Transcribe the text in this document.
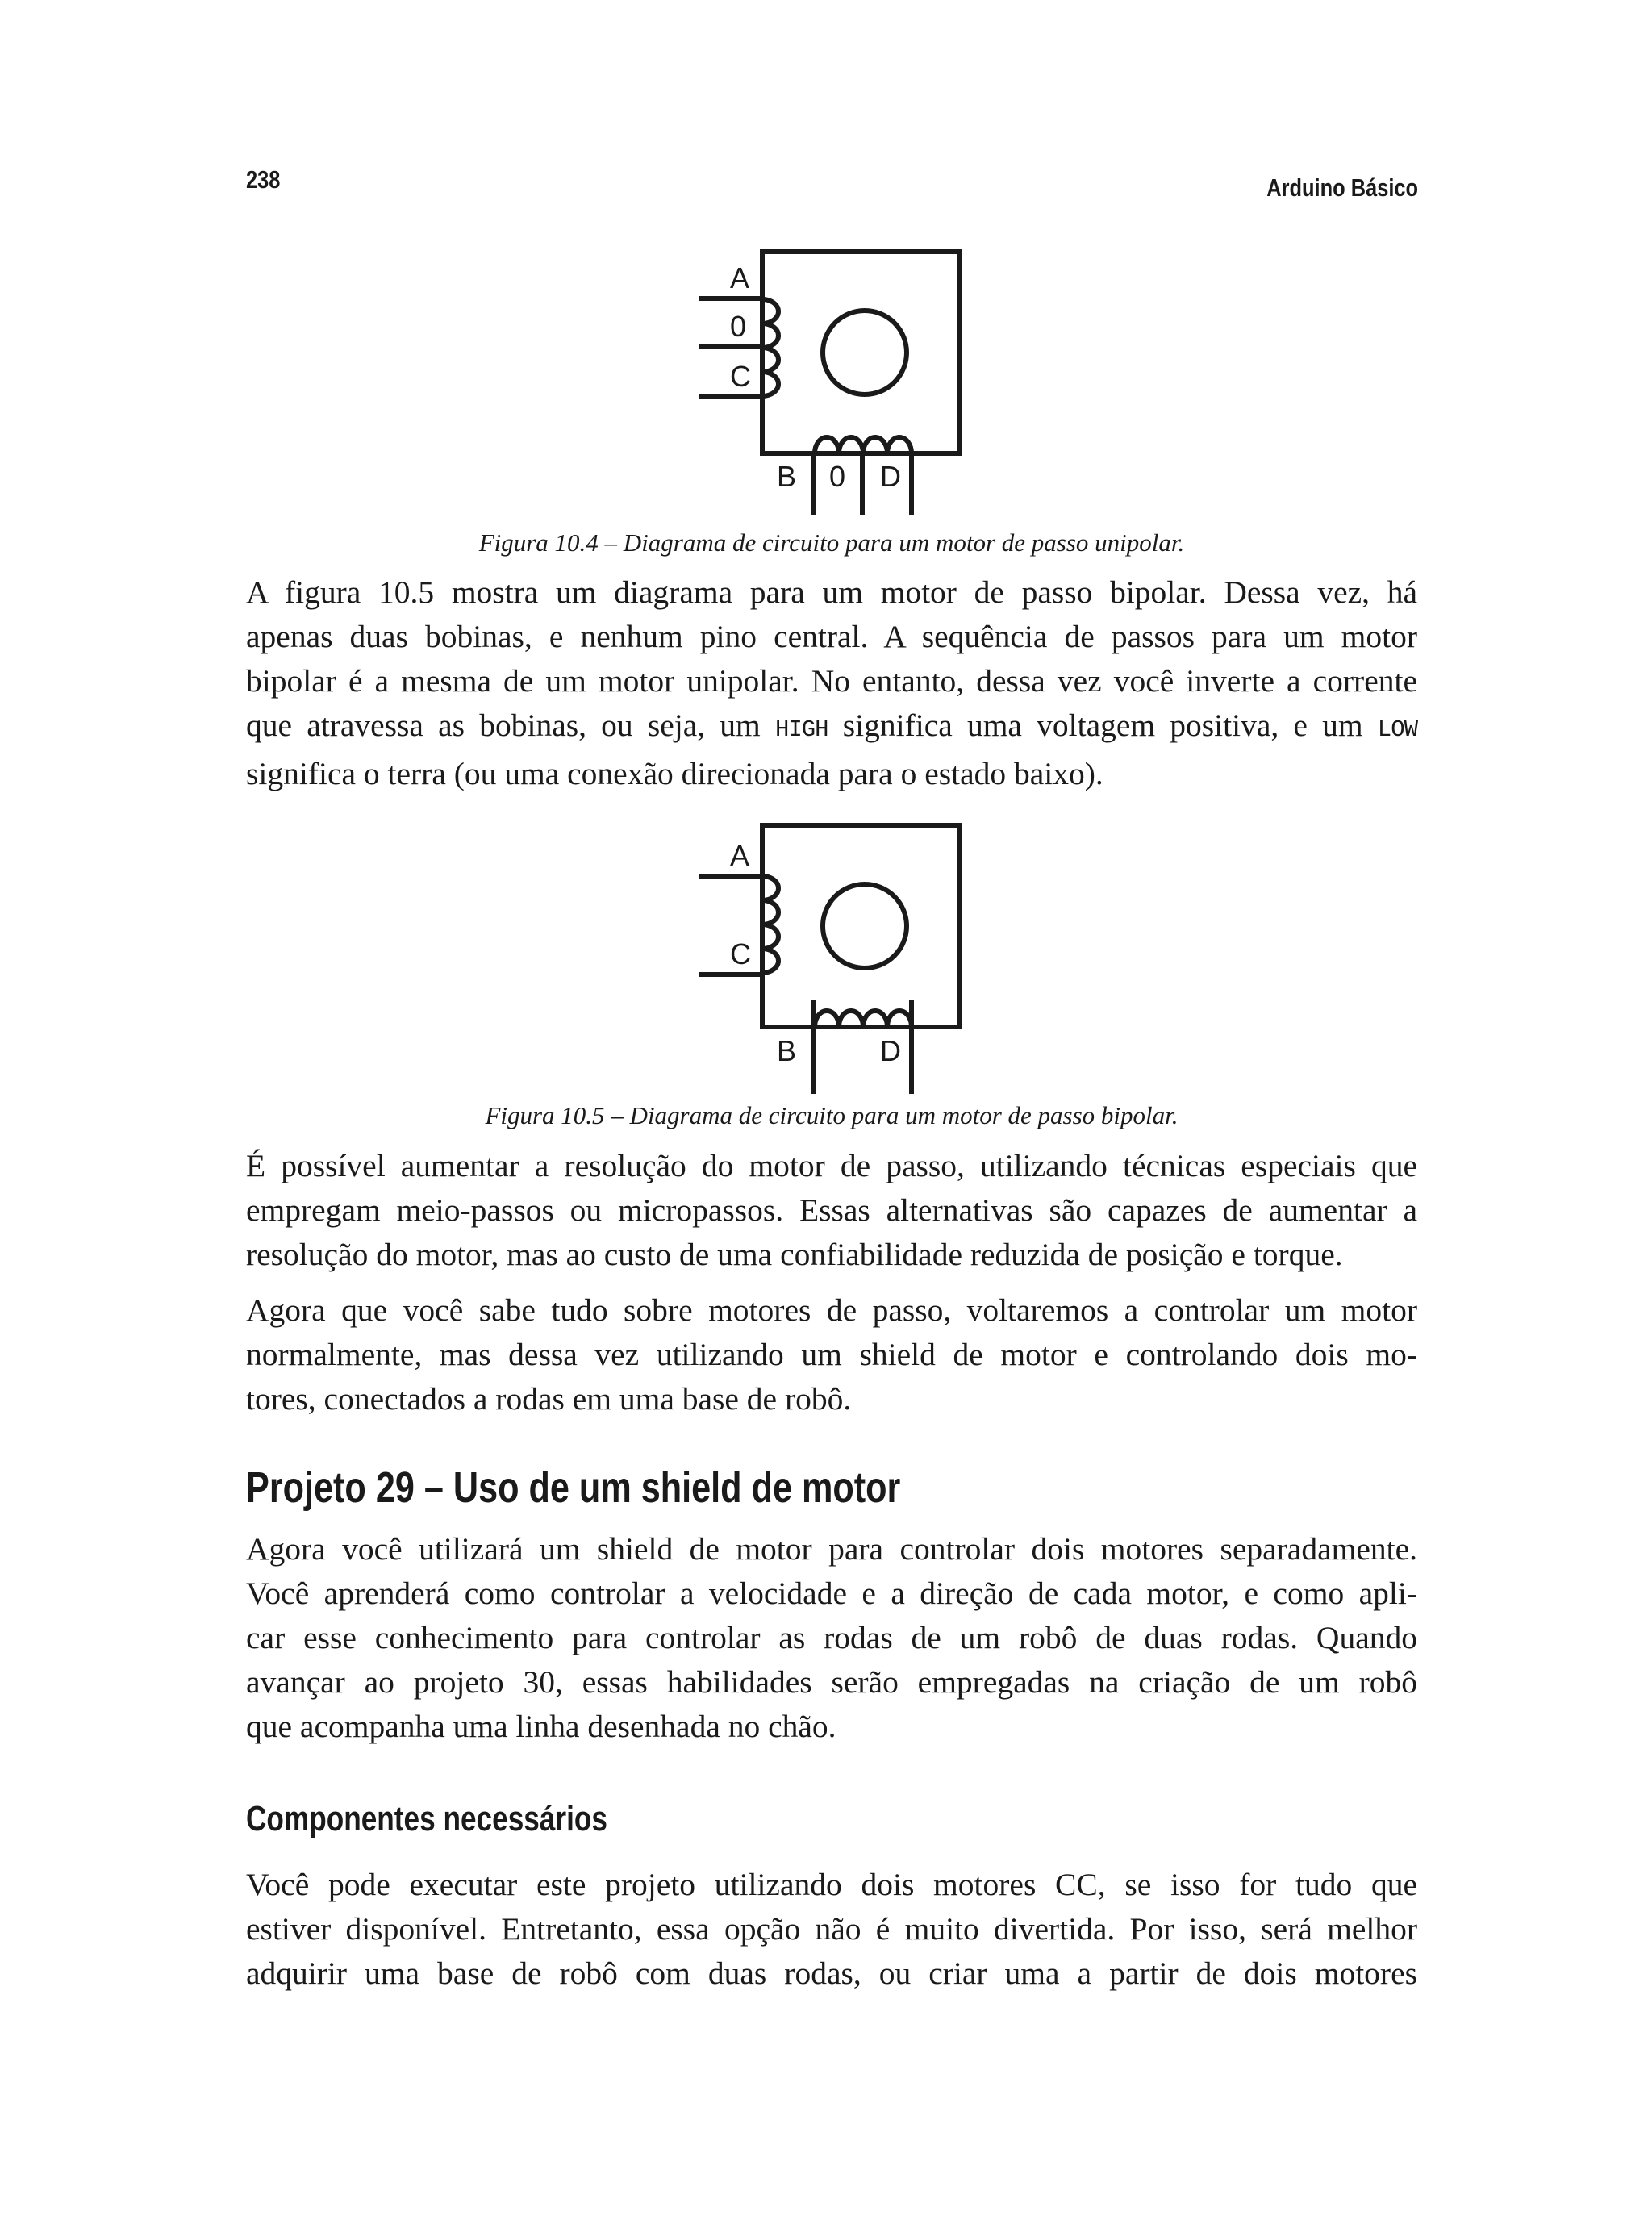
238	Arduino Básico
A
0
C
B 0 D

Figura 10.4 – Diagrama de circuito para um motor de passo unipolar.

A figura 10.5 mostra um diagrama para um motor de passo bipolar. Dessa vez, há
apenas duas bobinas, e nenhum pino central. A sequência de passos para um motor
bipolar é a mesma de um motor unipolar. No entanto, dessa vez você inverte a corrente
que atravessa as bobinas, ou seja, um HIGH significa uma voltagem positiva, e um LOW
significa o terra (ou uma conexão direcionada para o estado baixo).

A
C
B	D

Figura 10.5 – Diagrama de circuito para um motor de passo bipolar.

É possível aumentar a resolução do motor de passo, utilizando técnicas especiais que
empregam meio-passos ou micropassos. Essas alternativas são capazes de aumentar a
resolução do motor, mas ao custo de uma confiabilidade reduzida de posição e torque.

Agora que você sabe tudo sobre motores de passo, voltaremos a controlar um motor
normalmente, mas dessa vez utilizando um shield de motor e controlando dois mo-
tores, conectados a rodas em uma base de robô.

Projeto 29 – Uso de um shield de motor

Agora você utilizará um shield de motor para controlar dois motores separadamente.
Você aprenderá como controlar a velocidade e a direção de cada motor, e como apli-
car esse conhecimento para controlar as rodas de um robô de duas rodas. Quando
avançar ao projeto 30, essas habilidades serão empregadas na criação de um robô
que acompanha uma linha desenhada no chão.

Componentes necessários

Você pode executar este projeto utilizando dois motores CC, se isso for tudo que
estiver disponível. Entretanto, essa opção não é muito divertida. Por isso, será melhor
adquirir uma base de robô com duas rodas, ou criar uma a partir de dois motores
